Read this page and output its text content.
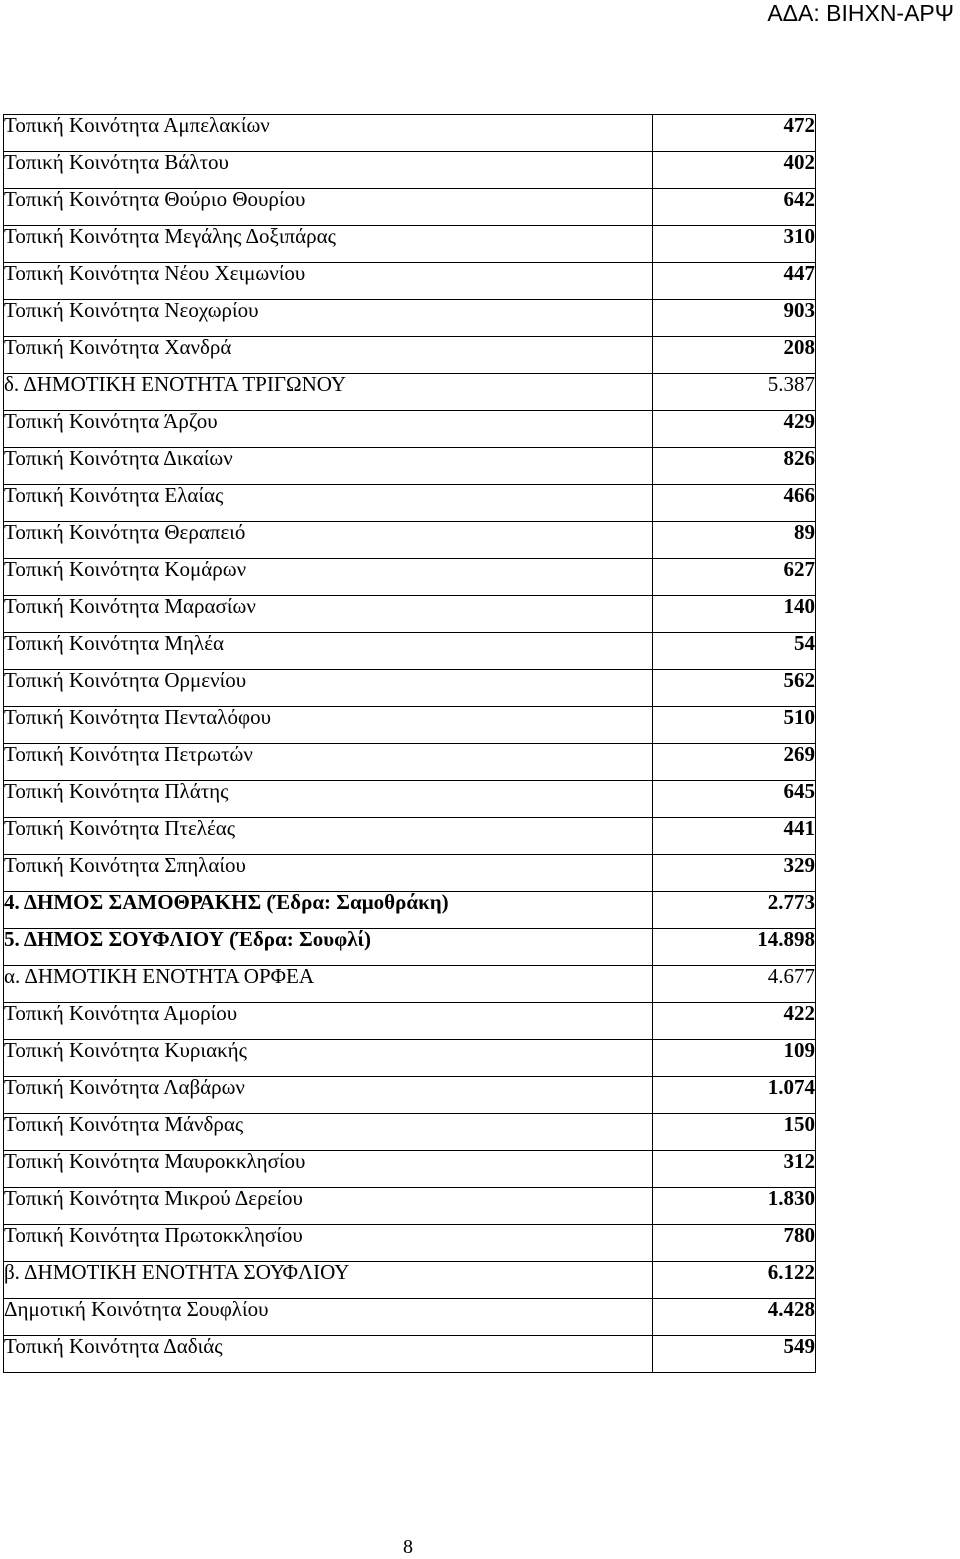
ΑΔΑ: ΒΙΗΧΝ-ΑΡΨ
Τοπική Κοινότητα Αμπελακίων	472
Τοπική Κοινότητα Βάλτου	402
Τοπική Κοινότητα Θούριο Θουρίου	642
Τοπική Κοινότητα Μεγάλης Δοξιπάρας	310
Τοπική Κοινότητα Νέου Χειμωνίου	447
Τοπική Κοινότητα Νεοχωρίου	903
Τοπική Κοινότητα Χανδρά	208
δ. ΔΗΜΟΤΙΚΗ ΕΝΟΤΗΤΑ ΤΡΙΓΩΝΟΥ	5.387
Τοπική Κοινότητα Άρζου	429
Τοπική Κοινότητα Δικαίων	826
Τοπική Κοινότητα Ελαίας	466
Τοπική Κοινότητα Θεραπειό	89
Τοπική Κοινότητα Κομάρων	627
Τοπική Κοινότητα Μαρασίων	140
Τοπική Κοινότητα Μηλέα	54
Τοπική Κοινότητα Ορμενίου	562
Τοπική Κοινότητα Πενταλόφου	510
Τοπική Κοινότητα Πετρωτών	269
Τοπική Κοινότητα Πλάτης	645
Τοπική Κοινότητα Πτελέας	441
Τοπική Κοινότητα Σπηλαίου	329
4. ΔΗΜΟΣ ΣΑΜΟΘΡΑΚΗΣ (Έδρα: Σαμοθράκη)	2.773
5. ΔΗΜΟΣ ΣΟΥΦΛΙΟΥ (Έδρα: Σουφλί)	14.898
α. ΔΗΜΟΤΙΚΗ ΕΝΟΤΗΤΑ ΟΡΦΕΑ	4.677
Τοπική Κοινότητα Αμορίου	422
Τοπική Κοινότητα Κυριακής	109
Τοπική Κοινότητα Λαβάρων	1.074
Τοπική Κοινότητα Μάνδρας	150
Τοπική Κοινότητα Μαυροκκλησίου	312
Τοπική Κοινότητα Μικρού Δερείου	1.830
Τοπική Κοινότητα Πρωτοκκλησίου	780
β. ΔΗΜΟΤΙΚΗ ΕΝΟΤΗΤΑ ΣΟΥΦΛΙΟΥ	6.122
Δημοτική Κοινότητα Σουφλίου	4.428
Τοπική Κοινότητα Δαδιάς	549
8
